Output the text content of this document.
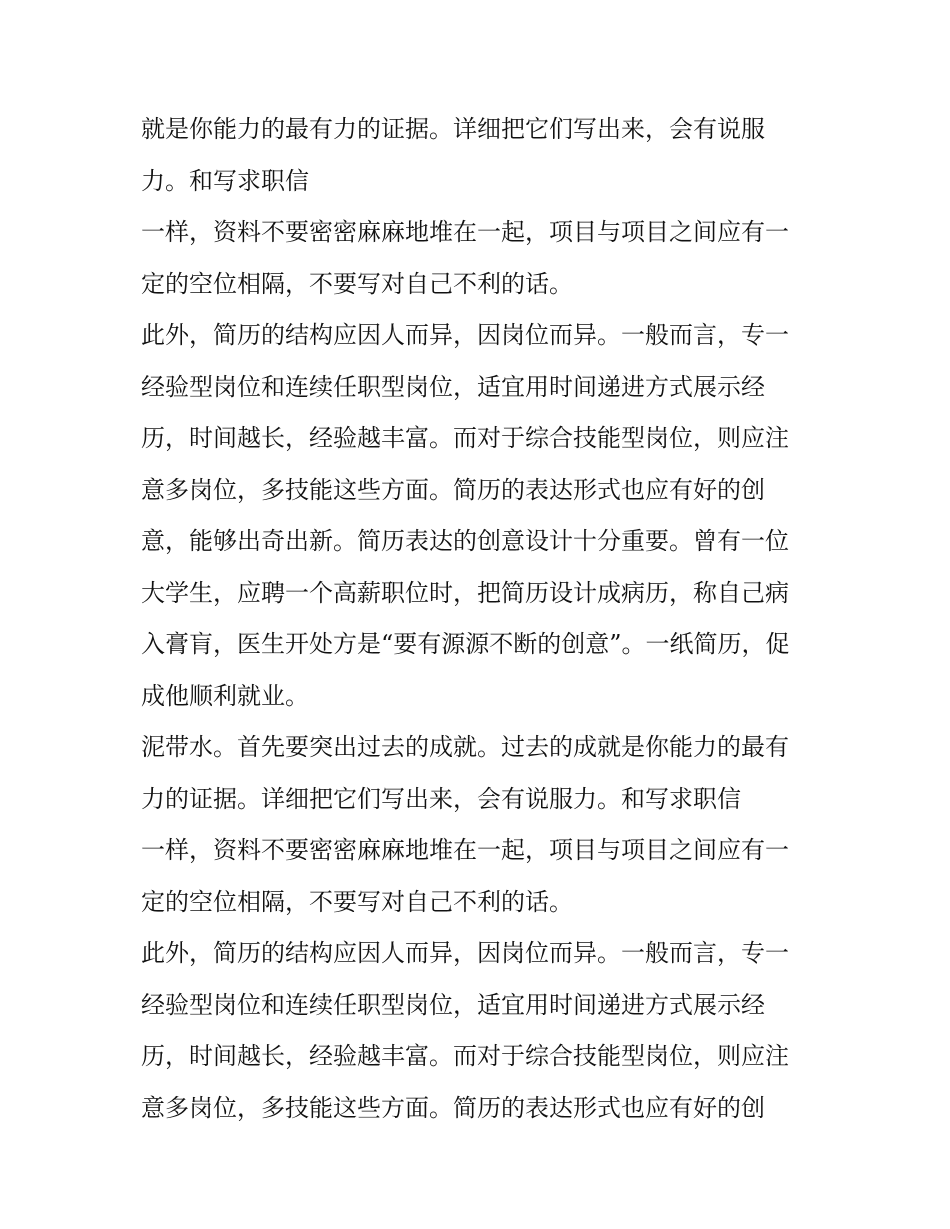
就是你能力的最有力的证据。详细把它们写出来，会有说服
力。和写求职信
一样，资料不要密密麻麻地堆在一起，项目与项目之间应有一
定的空位相隔，不要写对自己不利的话。
此外，简历的结构应因人而异，因岗位而异。一般而言，专一
经验型岗位和连续任职型岗位，适宜用时间递进方式展示经
历，时间越长，经验越丰富。而对于综合技能型岗位，则应注
意多岗位，多技能这些方面。简历的表达形式也应有好的创
意，能够出奇出新。简历表达的创意设计十分重要。曾有一位
大学生，应聘一个高薪职位时，把简历设计成病历，称自己病
入膏肓，医生开处方是“要有源源不断的创意”。一纸简历，促
成他顺利就业。
泥带水。首先要突出过去的成就。过去的成就是你能力的最有
力的证据。详细把它们写出来，会有说服力。和写求职信
一样，资料不要密密麻麻地堆在一起，项目与项目之间应有一
定的空位相隔，不要写对自己不利的话。
此外，简历的结构应因人而异，因岗位而异。一般而言，专一
经验型岗位和连续任职型岗位，适宜用时间递进方式展示经
历，时间越长，经验越丰富。而对于综合技能型岗位，则应注
意多岗位，多技能这些方面。简历的表达形式也应有好的创
